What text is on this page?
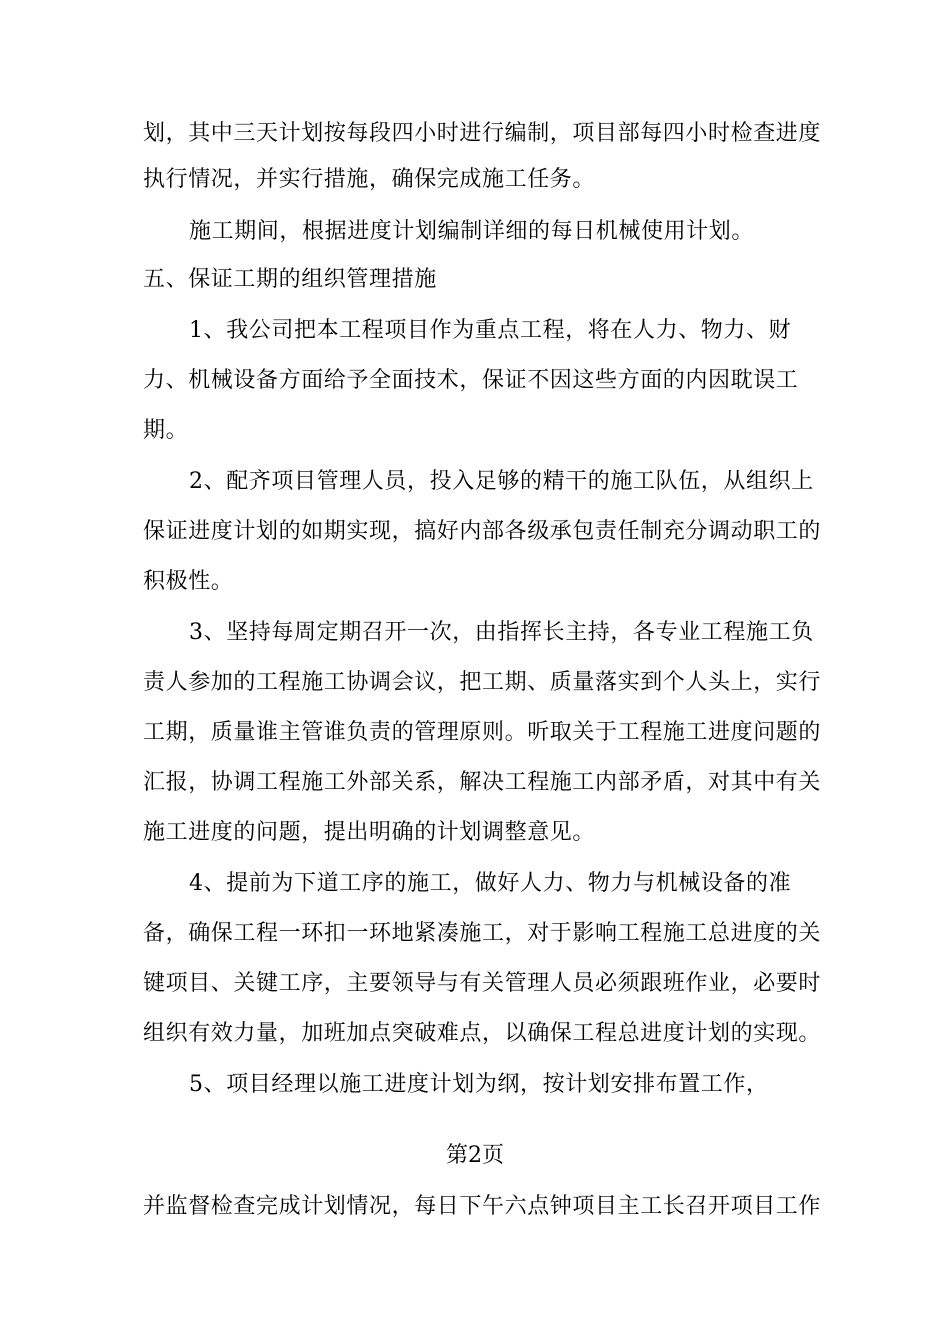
划，其中三天计划按每段四小时进行编制，项目部每四小时检查进度
执行情况，并实行措施，确保完成施工任务。
施工期间，根据进度计划编制详细的每日机械使用计划。
五、保证工期的组织管理措施
1、我公司把本工程项目作为重点工程，将在人力、物力、财
力、机械设备方面给予全面技术，保证不因这些方面的内因耽误工
期。
2、配齐项目管理人员，投入足够的精干的施工队伍，从组织上
保证进度计划的如期实现，搞好内部各级承包责任制充分调动职工的
积极性。
3、坚持每周定期召开一次，由指挥长主持，各专业工程施工负
责人参加的工程施工协调会议，把工期、质量落实到个人头上，实行
工期，质量谁主管谁负责的管理原则。听取关于工程施工进度问题的
汇报，协调工程施工外部关系，解决工程施工内部矛盾，对其中有关
施工进度的问题，提出明确的计划调整意见。
4、提前为下道工序的施工，做好人力、物力与机械设备的准
备，确保工程一环扣一环地紧凑施工，对于影响工程施工总进度的关
键项目、关键工序，主要领导与有关管理人员必须跟班作业，必要时
组织有效力量，加班加点突破难点，以确保工程总进度计划的实现。
5、项目经理以施工进度计划为纲，按计划安排布置工作，
第2页
并监督检查完成计划情况，每日下午六点钟项目主工长召开项目工作
